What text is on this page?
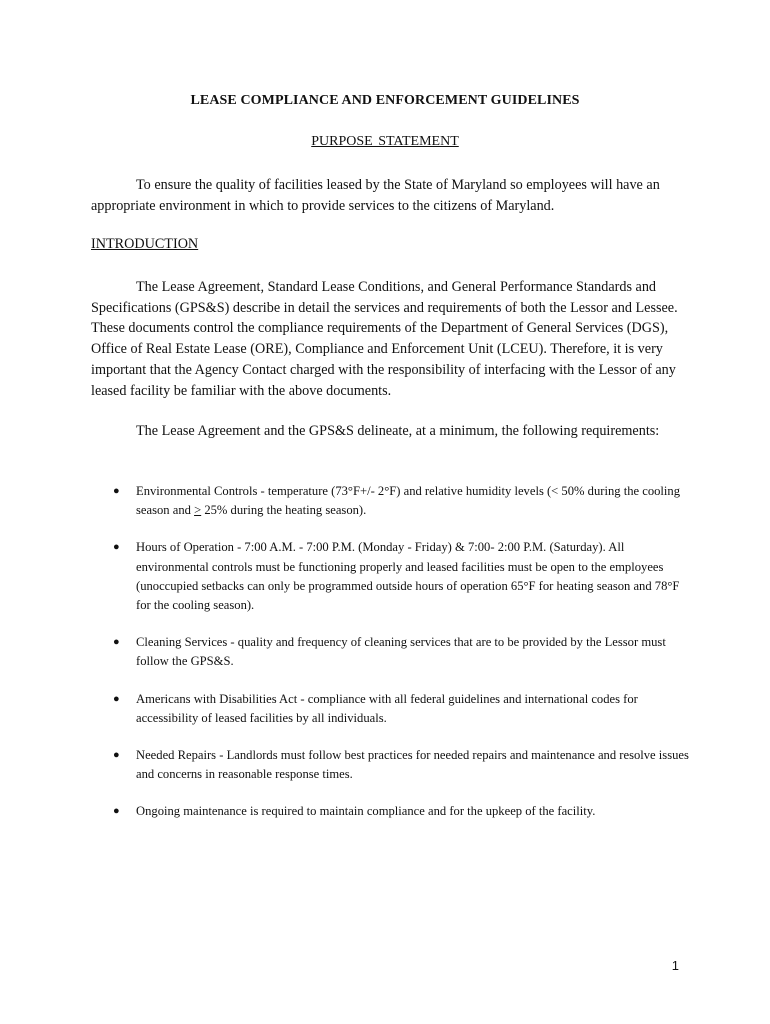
LEASE COMPLIANCE AND ENFORCEMENT GUIDELINES
PURPOSE STATEMENT

To ensure the quality of facilities leased by the State of Maryland so employees will have an appropriate environment in which to provide services to the citizens of Maryland.

INTRODUCTION

The Lease Agreement, Standard Lease Conditions, and General Performance Standards and Specifications (GPS&S) describe in detail the services and requirements of both the Lessor and Lessee. These documents control the compliance requirements of the Department of General Services (DGS), Office of Real Estate Lease (ORE), Compliance and Enforcement Unit (LCEU). Therefore, it is very important that the Agency Contact charged with the responsibility of interfacing with the Lessor of any leased facility be familiar with the above documents.

The Lease Agreement and the GPS&S delineate, at a minimum, the following requirements:

● Environmental Controls - temperature (73°F+/- 2°F) and relative humidity levels (< 50% during the cooling season and ≥ 25% during the heating season).
● Hours of Operation - 7:00 A.M. - 7:00 P.M. (Monday - Friday) & 7:00- 2:00 P.M. (Saturday). All environmental controls must be functioning properly and leased facilities must be open to the employees (unoccupied setbacks can only be programmed outside hours of operation 65°F for heating season and 78°F for the cooling season).
● Cleaning Services - quality and frequency of cleaning services that are to be provided by the Lessor must follow the GPS&S.
● Americans with Disabilities Act - compliance with all federal guidelines and international codes for accessibility of leased facilities by all individuals.
● Needed Repairs - Landlords must follow best practices for needed repairs and maintenance and resolve issues and concerns in reasonable response times.
● Ongoing maintenance is required to maintain compliance and for the upkeep of the facility.
1
